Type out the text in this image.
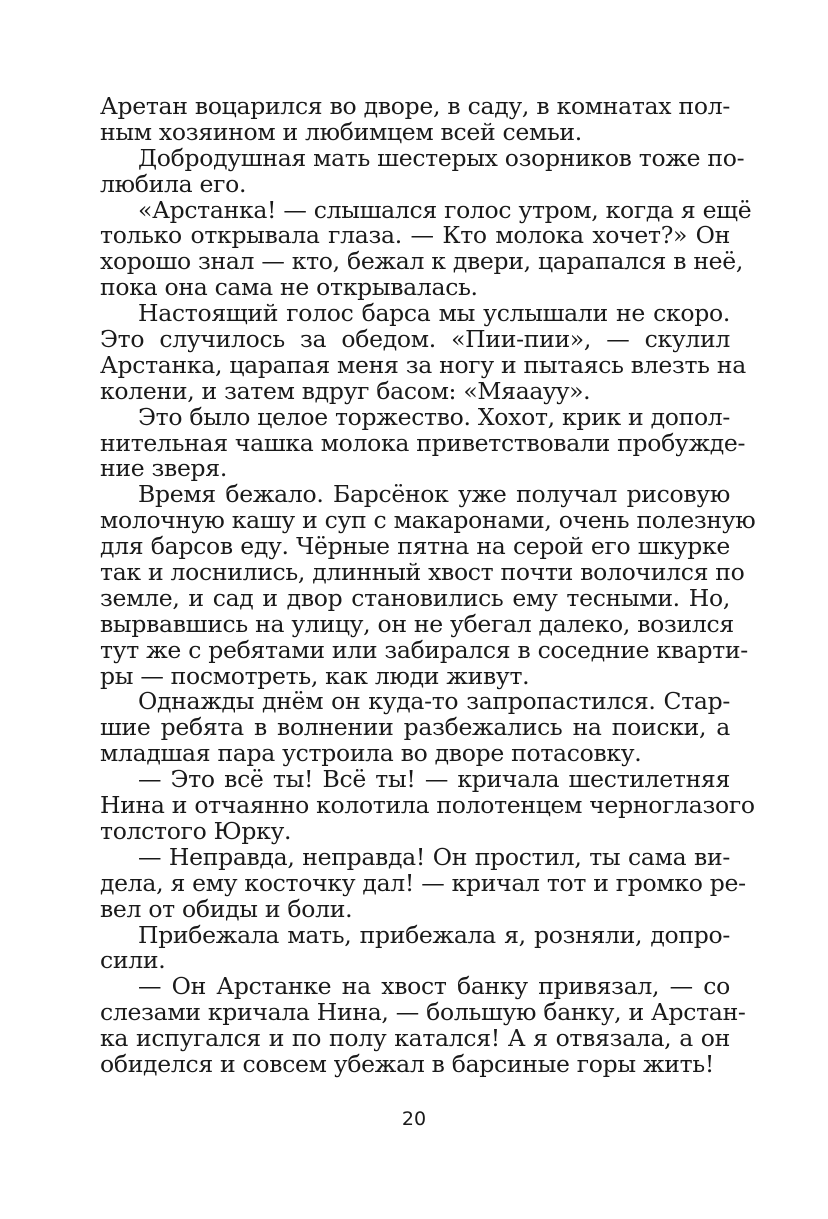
Аретан воцарился во дворе, в саду, в комнатах пол-
ным хозяином и любимцем всей семьи.
Добродушная мать шестерых озорников тоже по-
любила его.
«Арстанка! — слышался голос утром, когда я ещё
только открывала глаза. — Кто молока хочет?» Он
хорошо знал — кто, бежал к двери, царапался в неё,
пока она сама не открывалась.
Настоящий голос барса мы услышали не скоро.
Это случилось за обедом. «Пии-пии», — скулил
Арстанка, царапая меня за ногу и пытаясь влезть на
колени, и затем вдруг басом: «Мяааyy».
Это было целое торжество. Хохот, крик и допол-
нительная чашка молока приветствовали пробужде-
ние зверя.
Время бежало. Барсёнок уже получал рисовую
молочную кашу и суп с макаронами, очень полезную
для барсов еду. Чёрные пятна на серой его шкурке
так и лоснились, длинный хвост почти волочился по
земле, и сад и двор становились ему тесными. Но,
вырвавшись на улицу, он не убегал далеко, возился
тут же с ребятами или забирался в соседние кварти-
ры — посмотреть, как люди живут.
Однажды днём он куда-то запропастился. Стар-
шие ребята в волнении разбежались на поиски, а
младшая пара устроила во дворе потасовку.
— Это всё ты! Всё ты! — кричала шестилетняя
Нина и отчаянно колотила полотенцем черноглазого
толстого Юрку.
— Неправда, неправда! Он простил, ты сама ви-
дела, я ему косточку дал! — кричал тот и громко ре-
вел от обиды и боли.
Прибежала мать, прибежала я, розняли, допро-
сили.
— Он Арстанке на хвост банку привязал, — со
слезами кричала Нина, — большую банку, и Арстан-
ка испугался и по полу катался! А я отвязала, а он
обиделся и совсем убежал в барсиные горы жить!
20
